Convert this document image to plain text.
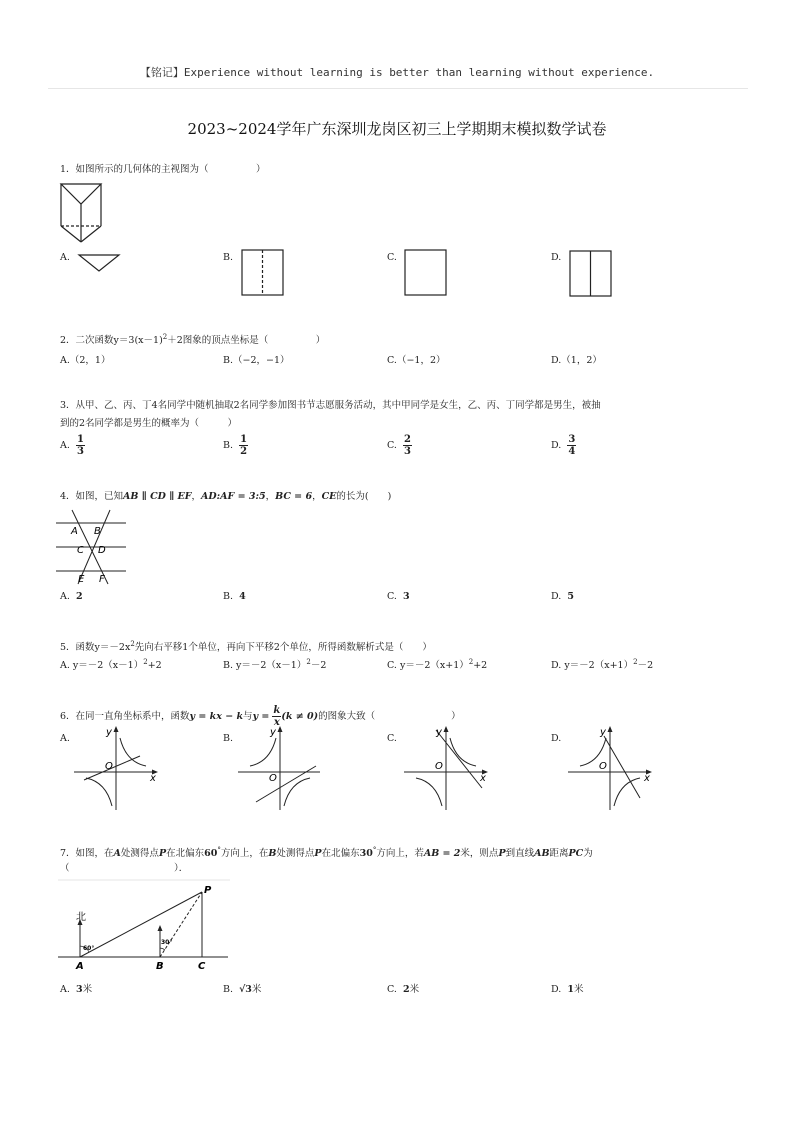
【铭记】Experience without learning is better than learning without experience.
2023~2024学年广东深圳龙岗区初三上学期期末模拟数学试卷
1．如图所示的几何体的主视图为（　　　　　）
A.	B.	C.	D.
2．二次函数$y=3(x-1)^2+2$图象的顶点坐标是（　　　　　）
A.（2，1）	B.（−2，−1）	C.（−1，2）	D.（1，2）
3．从甲、乙、丙、丁4名同学中随机抽取2名同学参加图书节志愿服务活动，其中甲同学是女生，乙、丙、丁同学都是男生，被抽
到的2名同学都是男生的概率为（　　　）
A. $\frac{1}{3}$	B. $\frac{1}{2}$	C. $\frac{2}{3}$	D. $\frac{3}{4}$
4．如图，已知AB ∥ CD ∥ EF，AD:AF = 3:5，BC = 6，CE的长为(　　)
A B
C D
E F
A. 2	B. 4	C. 3	D. 5
5．函数$y=-2x^2$先向右平移1个单位，再向下平移2个单位，所得函数解析式是（　　）
A. $y=-2(x-1)^2+2$	B. $y=-2(x-1)^2-2$	C. $y=-2(x+1)^2+2$	D. $y=-2(x+1)^2-2$
6．在同一直角坐标系中，函数y = kx − k与$y = \frac{k}{x} (k \ne 0)$的图象大致（　　　　　　　　）
A.
O
x
y
B.
O
y
C.
O
x
y
D.
O
x
y
7．如图，在A处测得点P在北偏东60°方向上，在B处测得点P在北偏东30°方向上，若AB = 2米，则点P到直线AB距离PC为
（　　　　　　　　　　　）．
北
60°
30°
P
A	B	C
A. 3米	B. √3米	C. 2米	D. 1米
